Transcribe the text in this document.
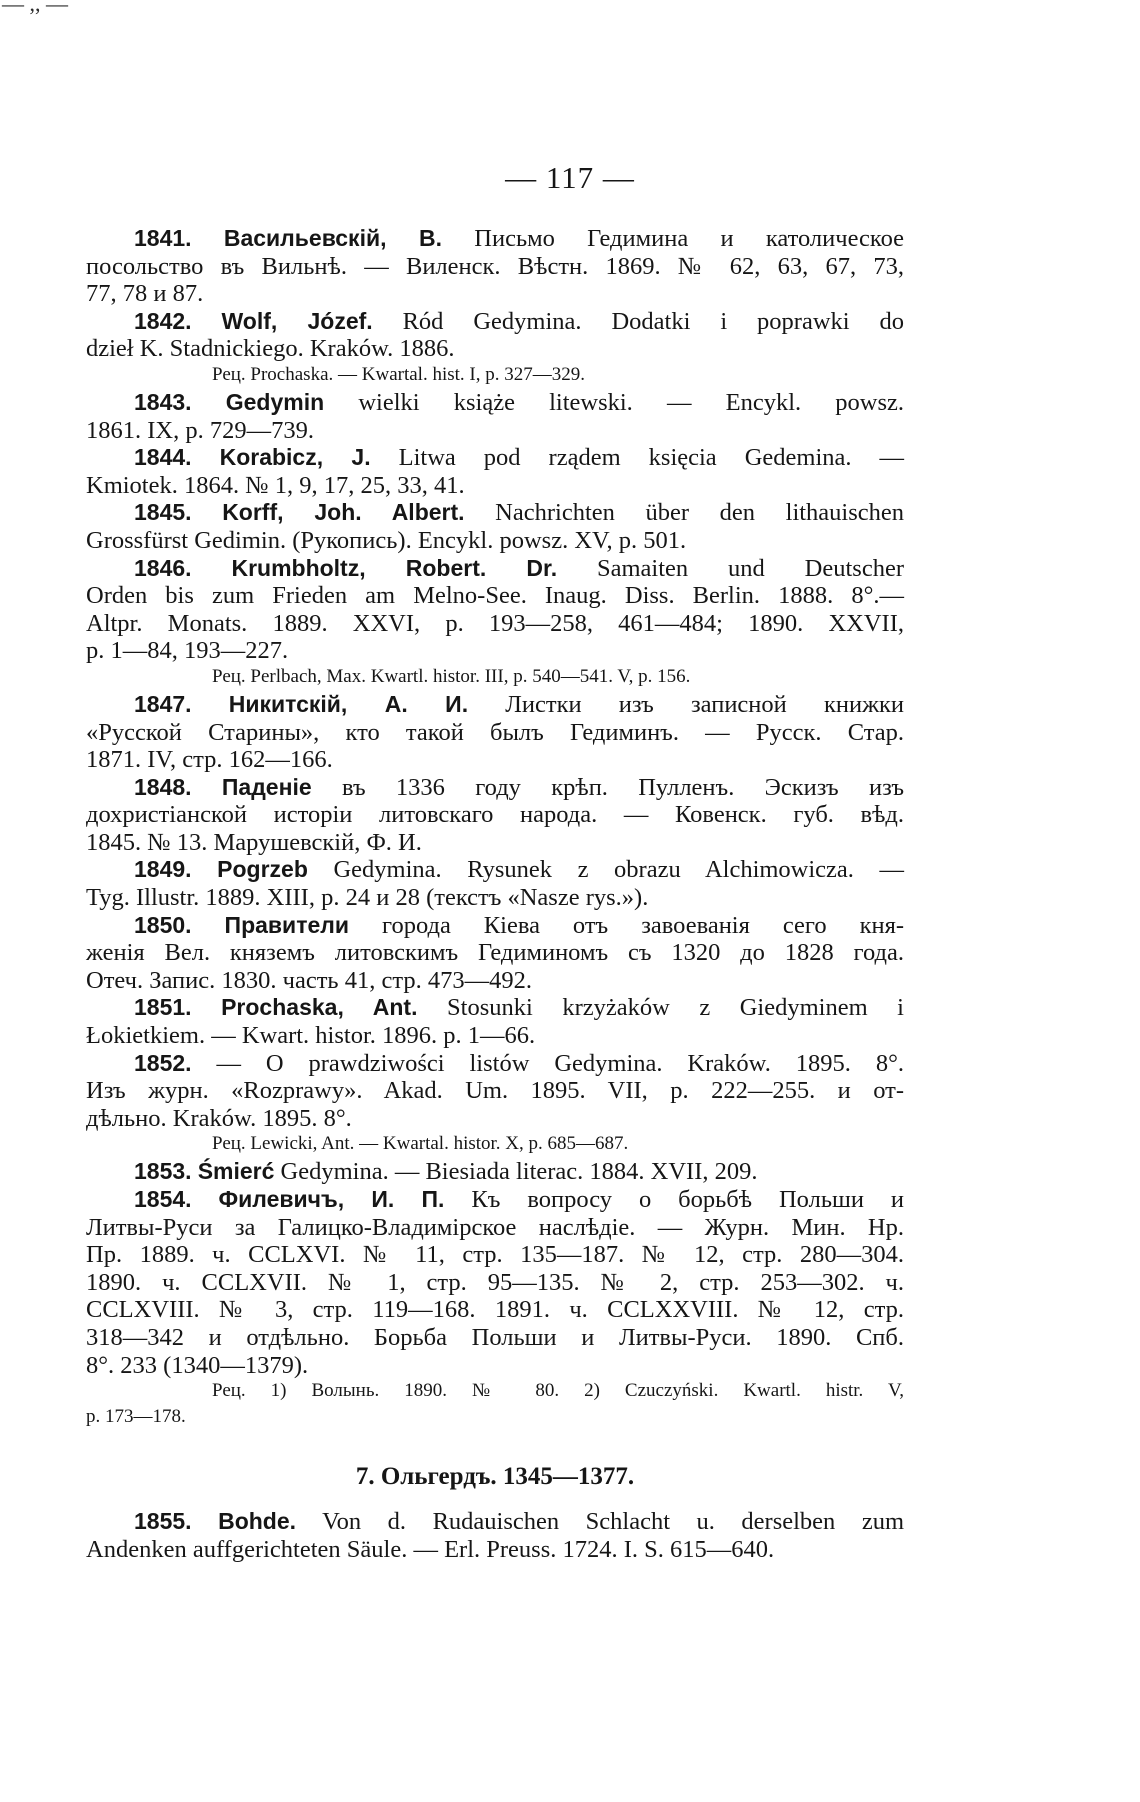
— ,, —
— 117 —
1841. Васильевскій, В. Письмо Гедимина и католическое
посольство въ Вильнѣ. — Виленск. Вѣстн. 1869. № 62, 63, 67, 73,
77, 78 и 87.
1842. Wolf, Józef. Ród Gedymina. Dodatki i poprawki do
dzieł K. Stadnickiego. Kraków. 1886.
Рец. Prochaska. — Kwartal. hist. I, p. 327—329.
1843. Gedymin wielki książe litewski. — Encykl. powsz.
1861. IX, p. 729—739.
1844. Korabicz, J. Litwa pod rządem księcia Gedemina. —
Kmiotek. 1864. № 1, 9, 17, 25, 33, 41.
1845. Korff, Joh. Albert. Nachrichten über den lithauischen
Grossfürst Gedimin. (Рукопись). Encykl. powsz. XV, p. 501.
1846. Krumbholtz, Robert. Dr. Samaiten und Deutscher
Orden bis zum Frieden am Melno-See. Inaug. Diss. Berlin. 1888. 8°.—
Altpr. Monats. 1889. XXVI, p. 193—258, 461—484; 1890. XXVII,
p. 1—84, 193—227.
Рец. Perlbach, Max. Kwartl. histor. III, p. 540—541. V, p. 156.
1847. Никитскій, А. И. Листки изъ записной книжки
«Русской Старины», кто такой былъ Гедиминъ. — Русск. Стар.
1871. IV, стр. 162—166.
1848. Паденіе въ 1336 году крѣп. Пулленъ. Эскизъ изъ
дохристіанской исторіи литовскаго народа. — Ковенск. губ. вѣд.
1845. № 13. Марушевскій, Ф. И.
1849. Pogrzeb Gedymina. Rysunek z obrazu Alchimowicza. —
Tyg. Illustr. 1889. XIII, p. 24 и 28 (текстъ «Nasze rys.»).
1850. Правители города Кіева отъ завоеванія сего кня-
женія Вел. княземъ литовскимъ Гедиминомъ съ 1320 до 1828 года.
Отеч. Запис. 1830. часть 41, стр. 473—492.
1851. Prochaska, Ant. Stosunki krzyżaków z Giedyminem i
Łokietkiem. — Kwart. histor. 1896. p. 1—66.
1852. — O prawdziwości listów Gedymina. Kraków. 1895. 8°.
Изъ журн. «Rozprawy». Akad. Um. 1895. VII, p. 222—255. и от-
дѣльно. Kraków. 1895. 8°.
Рец. Lewicki, Ant. — Kwartal. histor. X, p. 685—687.
1853. Śmierć Gedymina. — Biesiada literac. 1884. XVII, 209.
1854. Филевичъ, И. П. Къ вопросу о борьбѣ Польши и
Литвы-Руси за Галицко-Владимірское наслѣдіе. — Журн. Мин. Нр.
Пр. 1889. ч. CCLXVI. № 11, стр. 135—187. № 12, стр. 280—304.
1890. ч. CCLXVII. № 1, стр. 95—135. № 2, стр. 253—302. ч.
CCLXVIII. № 3, стр. 119—168. 1891. ч. CCLXXVIII. № 12, стр.
318—342 и отдѣльно. Борьба Польши и Литвы-Руси. 1890. Спб.
8°. 233 (1340—1379).
Рец. 1) Волынь. 1890. № 80. 2) Czuczyński. Kwartl. histr. V,
p. 173—178.
7. Ольгердъ. 1345—1377.
1855. Bohde. Von d. Rudauischen Schlacht u. derselben zum
Andenken auffgerichteten Säule. — Erl. Preuss. 1724. I. S. 615—640.
